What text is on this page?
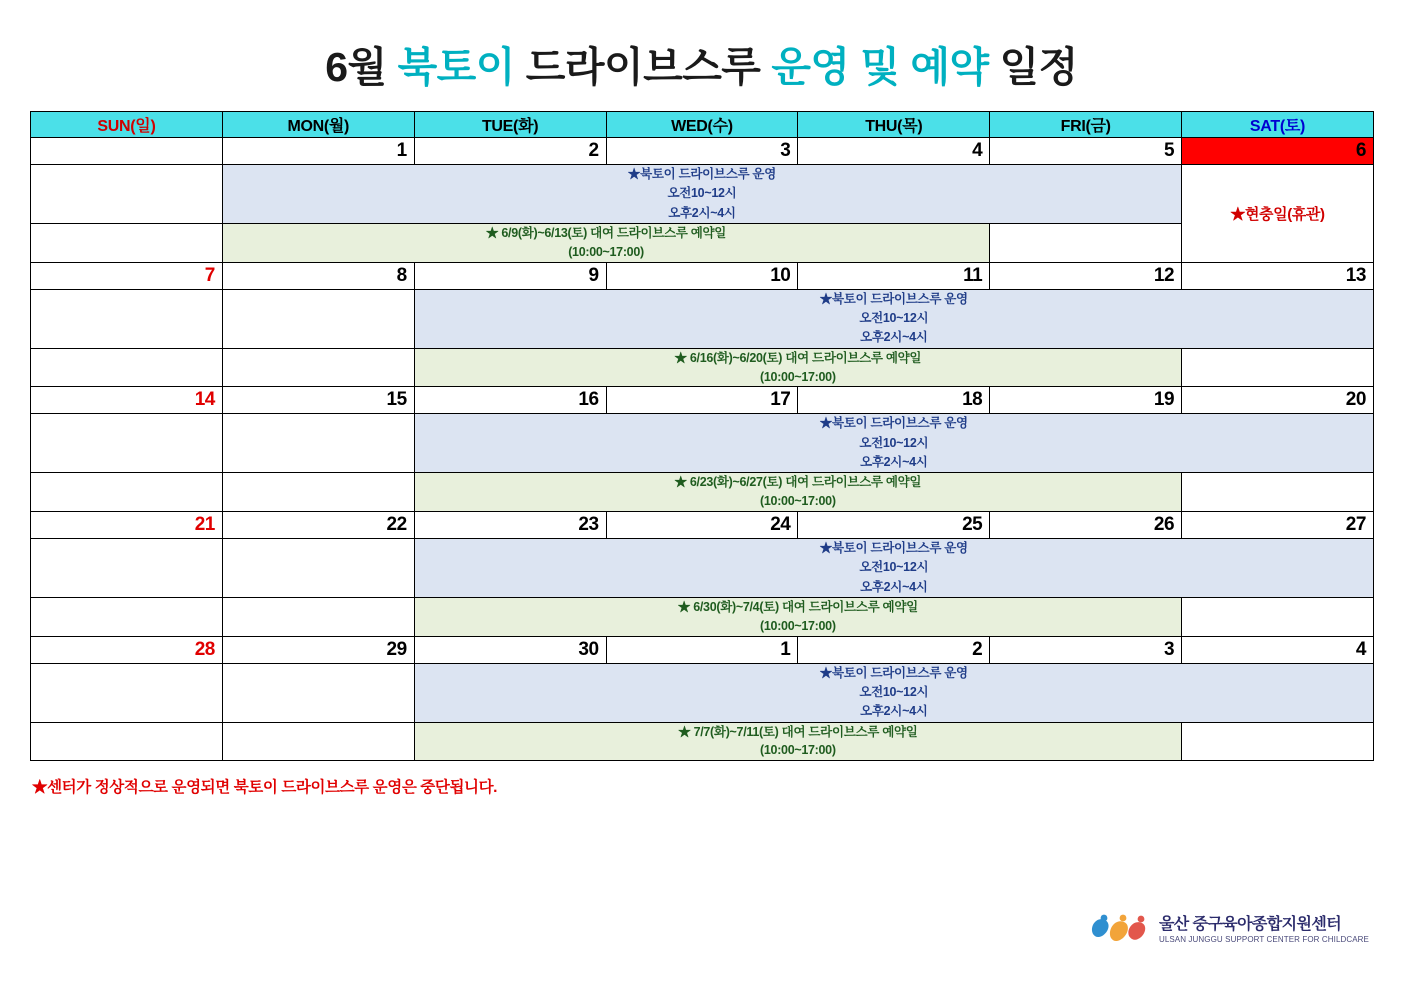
6월 북토이 드라이브스루 운영 및 예약 일정
SUN(일)	MON(월)	TUE(화)	WED(수)	THU(목)	FRI(금)	SAT(토)
	1	2	3	4	5	6

	★북토이 드라이브스루 운영
오전10~12시
오후2시~4시					★현충일(휴관)

	★ 6/9(화)~6/13(토) 대여 드라이브스루 예약일
(10:00~17:00)					

7	8	9	10	11	12	13

		★북토이 드라이브스루 운영
오전10~12시
오후2시~4시				

		★ 6/16(화)~6/20(토) 대여 드라이브스루 예약일
(10:00~17:00)				

14	15	16	17	18	19	20

		★북토이 드라이브스루 운영
오전10~12시
오후2시~4시				

		★ 6/23(화)~6/27(토) 대여 드라이브스루 예약일
(10:00~17:00)				

21	22	23	24	25	26	27

		★북토이 드라이브스루 운영
오전10~12시
오후2시~4시				

		★ 6/30(화)~7/4(토) 대여 드라이브스루 예약일
(10:00~17:00)				

28	29	30	1	2	3	4

		★북토이 드라이브스루 운영
오전10~12시
오후2시~4시				

		★ 7/7(화)~7/11(토) 대여 드라이브스루 예약일
(10:00~17:00)				

★센터가 정상적으로 운영되면 북토이 드라이브스루 운영은 중단됩니다.
울산 중구육아종합지원센터
ULSAN JUNGGU SUPPORT CENTER FOR CHILDCARE
